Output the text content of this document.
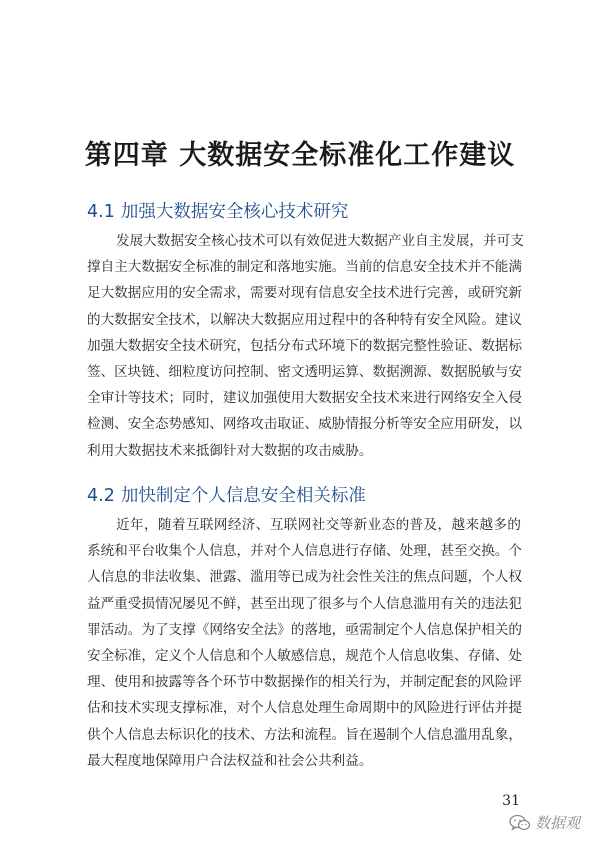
第四章 大数据安全标准化工作建议
4.1 加强大数据安全核心技术研究
发展大数据安全核心技术可以有效促进大数据产业自主发展，并可支
撑自主大数据安全标准的制定和落地实施。当前的信息安全技术并不能满
足大数据应用的安全需求，需要对现有信息安全技术进行完善，或研究新
的大数据安全技术，以解决大数据应用过程中的各种特有安全风险。建议
加强大数据安全技术研究，包括分布式环境下的数据完整性验证、数据标
签、区块链、细粒度访问控制、密文透明运算、数据溯源、数据脱敏与安
全审计等技术；同时，建议加强使用大数据安全技术来进行网络安全入侵
检测、安全态势感知、网络攻击取证、威胁情报分析等安全应用研发，以
利用大数据技术来抵御针对大数据的攻击威胁。
4.2 加快制定个人信息安全相关标准
近年，随着互联网经济、互联网社交等新业态的普及，越来越多的
系统和平台收集个人信息，并对个人信息进行存储、处理，甚至交换。个
人信息的非法收集、泄露、滥用等已成为社会性关注的焦点问题，个人权
益严重受损情况屡见不鲜，甚至出现了很多与个人信息滥用有关的违法犯
罪活动。为了支撑《网络安全法》的落地，亟需制定个人信息保护相关的
安全标准，定义个人信息和个人敏感信息，规范个人信息收集、存储、处
理、使用和披露等各个环节中数据操作的相关行为，并制定配套的风险评
估和技术实现支撑标准，对个人信息处理生命周期中的风险进行评估并提
供个人信息去标识化的技术、方法和流程。旨在遏制个人信息滥用乱象，
最大程度地保障用户合法权益和社会公共利益。
31
数据观
